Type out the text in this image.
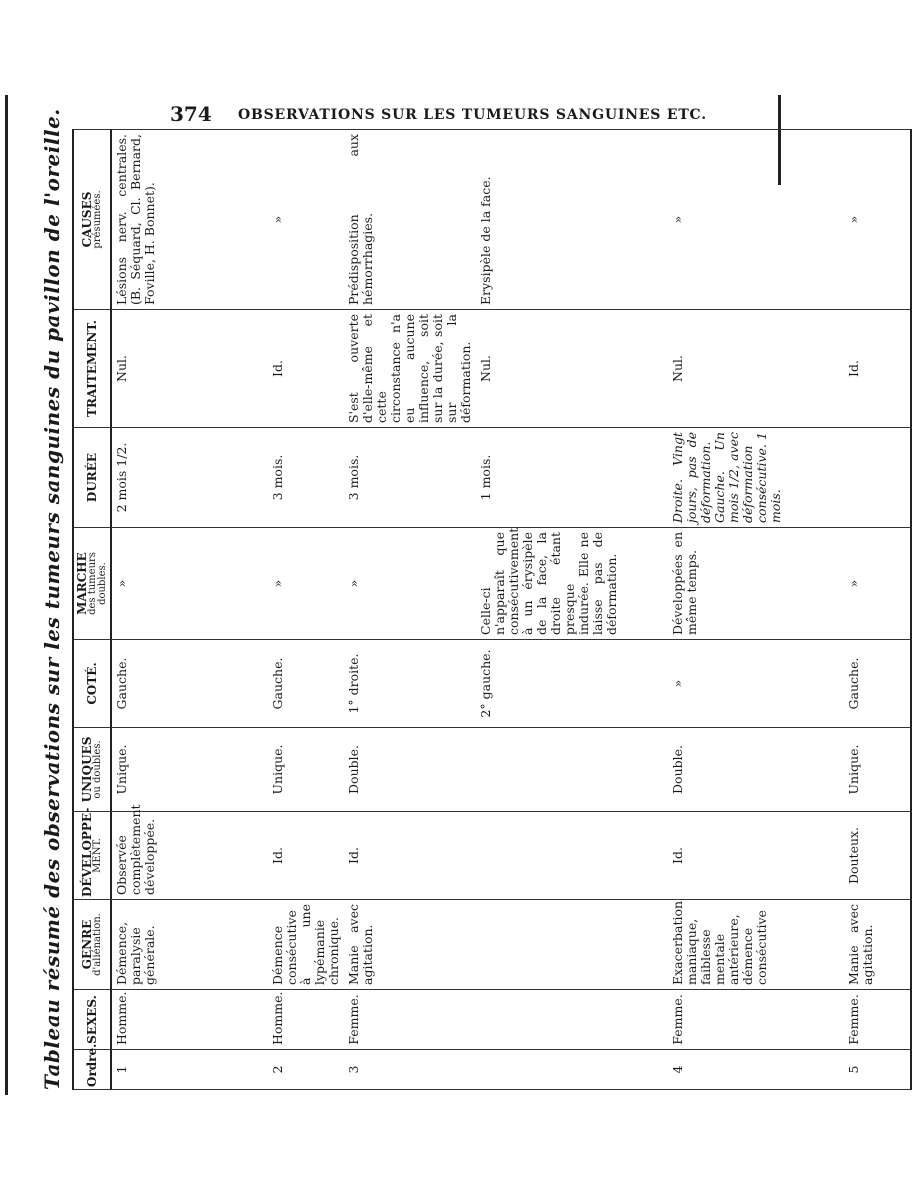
374 OBSERVATIONS SUR LES TUMEURS SANGUINES ETC.
Tableau résumé des observations sur les tumeurs sanguines du pavillon de l'oreille.	Ordre.	SEXES.	GENRE
d'aliénation.	DÉVELOPPE-
MENT.	UNIQUES
ou doubles.	COTÉ.	MARCHE
des tumeurs doubles.	DURÉE	TRAITEMENT.	CAUSES
présumées.

1	Homme.	Démence, paralysie générale.	Observée complètement développée.	Unique.	Gauche.	»	2 mois 1/2.	Nul.	Lésions nerv. centrales. (B. Séquard, Cl. Bernard, Foville, H. Bonnet).
2	Homme.	Démence consécutive à une lypémanie chronique.	Id.	Unique.	Gauche.	»	3 mois.	Id.	»
3	Femme.	Manie avec agitation.	Id.	Double.	1° droite.	»	3 mois.	S'est ouverte d'elle-même et cette circonstance n'a eu aucune influence, soit sur la durée, soit sur la déformation.	Prédisposition aux hémorrhagies.
					2° gauche.	Celle-ci n'apparaît que consécutivement à un érysipèle de la face, la droite étant presque indurée. Elle ne laisse pas de déformation.	1 mois.	Nul.	Erysipèle de la face.
4	Femme.	Exacerbation maniaque, faiblesse mentale antérieure, démence consécutive	Id.	Double.	»	Développées en même temps.	Droite. Vingt jours, pas de déformation. Gauche. Un mois 1/2, avec déformation consécutive. 1 mois.	Nul.	»
5	Femme.	Manie avec agitation.	Douteux.	Unique.	Gauche.	»		Id.	»
